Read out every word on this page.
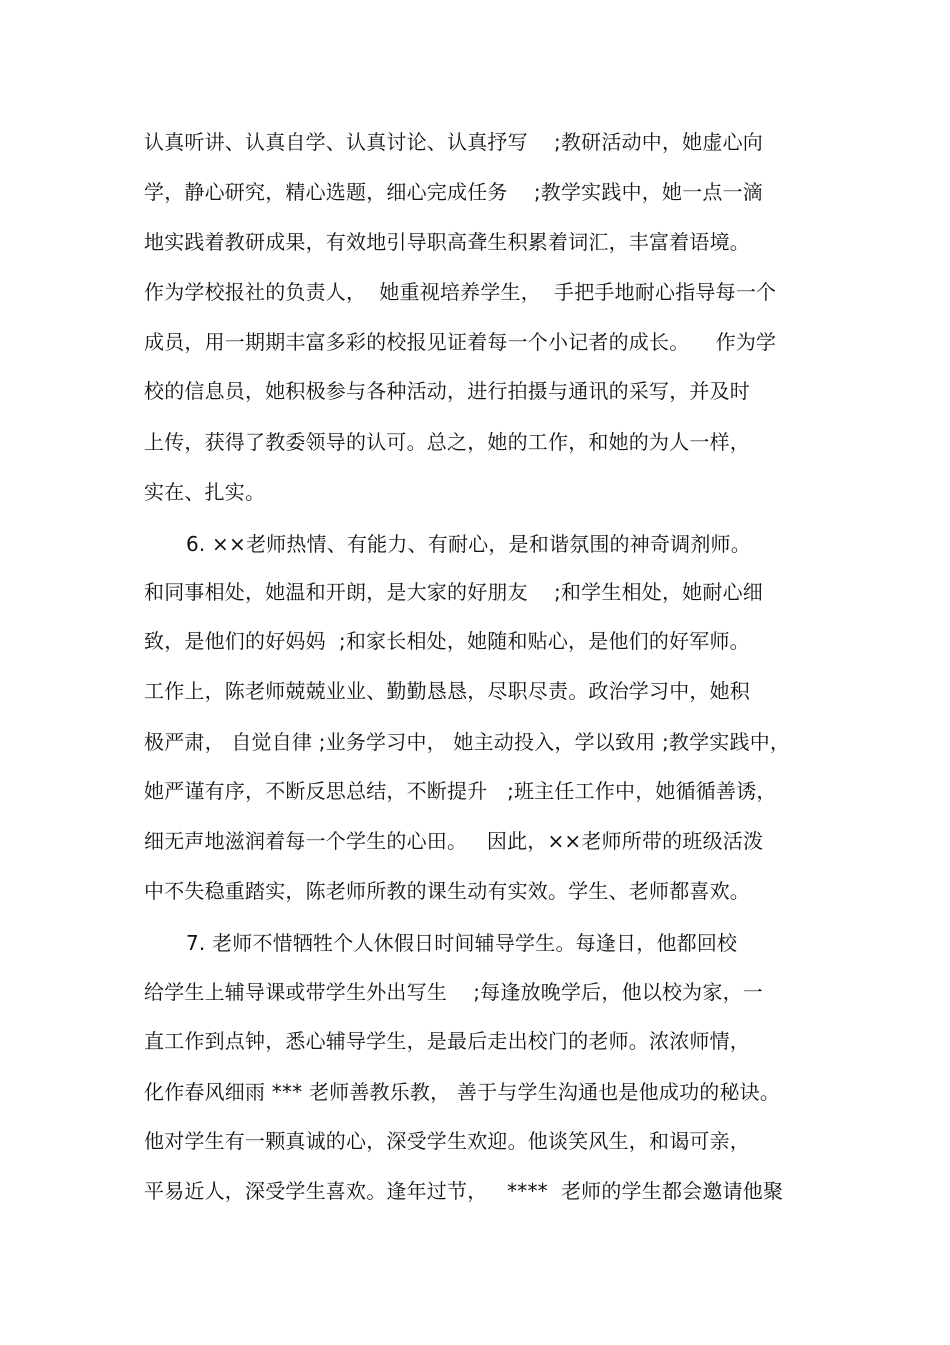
认真听讲、认真自学、认真讨论、认真抒写    ;教研活动中，她虚心向
学，静心研究，精心选题，细心完成任务    ;教学实践中，她一点一滴
地实践着教研成果，有效地引导职高聋生积累着词汇，丰富着语境。
作为学校报社的负责人，  她重视培养学生，  手把手地耐心指导每一个
成员，用一期期丰富多彩的校报见证着每一个小记者的成长。    作为学
校的信息员，她积极参与各种活动，进行拍摄与通讯的采写，并及时
上传，获得了教委领导的认可。总之，她的工作，和她的为人一样，
实在、扎实。
6. ××老师热情、有能力、有耐心，是和谐氛围的神奇调剂师。
和同事相处，她温和开朗，是大家的好朋友    ;和学生相处，她耐心细
致，是他们的好妈妈  ;和家长相处，她随和贴心，是他们的好军师。
工作上，陈老师兢兢业业、勤勤恳恳，尽职尽责。政治学习中，她积
极严肃， 自觉自律 ;业务学习中， 她主动投入，学以致用 ;教学实践中，
她严谨有序，不断反思总结，不断提升   ;班主任工作中，她循循善诱，
细无声地滋润着每一个学生的心田。   因此，××老师所带的班级活泼
中不失稳重踏实，陈老师所教的课生动有实效。学生、老师都喜欢。
7. 老师不惜牺牲个人休假日时间辅导学生。每逢日，他都回校
给学生上辅导课或带学生外出写生    ;每逢放晚学后，他以校为家，一
直工作到点钟，悉心辅导学生，是最后走出校门的老师。浓浓师情，
化作春风细雨 *** 老师善教乐教， 善于与学生沟通也是他成功的秘诀。
他对学生有一颗真诚的心，深受学生欢迎。他谈笑风生，和谒可亲，
平易近人，深受学生喜欢。逢年过节，   ****  老师的学生都会邀请他聚
